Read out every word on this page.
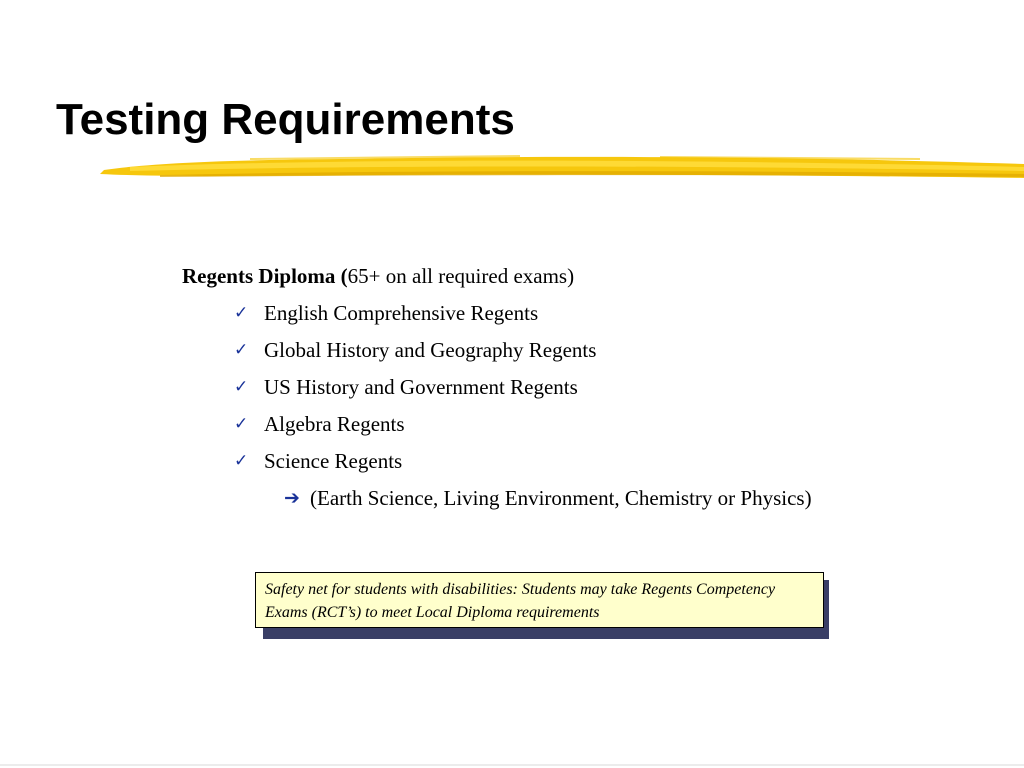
Testing Requirements
Regents Diploma (65+ on all required exams)
✓ English Comprehensive Regents
✓ Global History and Geography Regents
✓ US History and Government Regents
✓ Algebra Regents
✓ Science Regents
➔ (Earth Science, Living Environment, Chemistry or Physics)
Safety net for students with disabilities: Students may take Regents Competency Exams (RCT’s) to meet Local Diploma requirements
